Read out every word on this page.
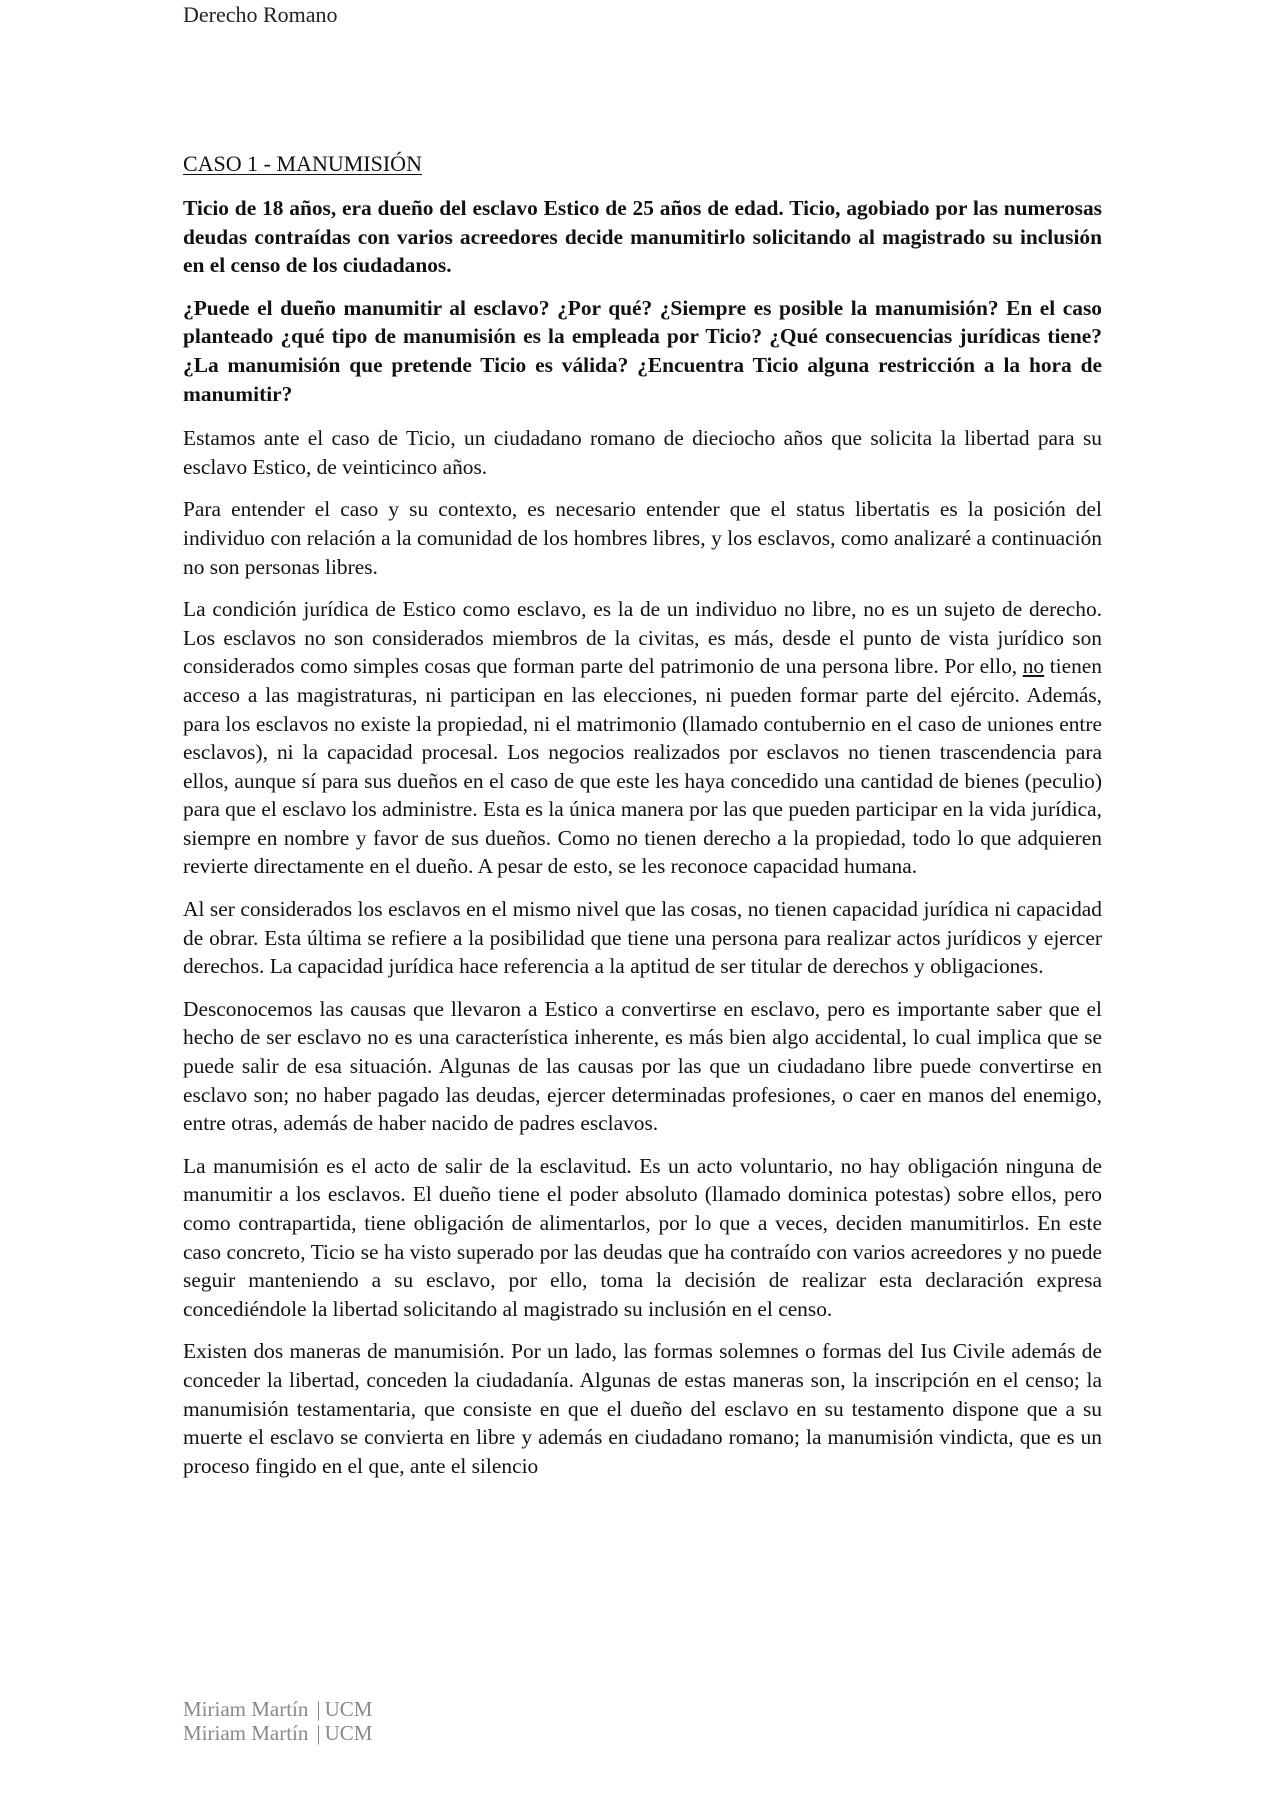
Derecho Romano
CASO 1 - MANUMISIÓN

Ticio de 18 años, era dueño del esclavo Estico de 25 años de edad. Ticio, agobiado por las numerosas deudas contraídas con varios acreedores decide manumitirlo solicitando al magistrado su inclusión en el censo de los ciudadanos.

¿Puede el dueño manumitir al esclavo? ¿Por qué? ¿Siempre es posible la manumisión? En el caso planteado ¿qué tipo de manumisión es la empleada por Ticio? ¿Qué consecuencias jurídicas tiene? ¿La manumisión que pretende Ticio es válida? ¿Encuentra Ticio alguna restricción a la hora de manumitir?

Estamos ante el caso de Ticio, un ciudadano romano de dieciocho años que solicita la libertad para su esclavo Estico, de veinticinco años.

Para entender el caso y su contexto, es necesario entender que el status libertatis es la posición del individuo con relación a la comunidad de los hombres libres, y los esclavos, como analizaré a continuación no son personas libres.

La condición jurídica de Estico como esclavo, es la de un individuo no libre, no es un sujeto de derecho. Los esclavos no son considerados miembros de la civitas, es más, desde el punto de vista jurídico son considerados como simples cosas que forman parte del patrimonio de una persona libre. Por ello, no tienen acceso a las magistraturas, ni participan en las elecciones, ni pueden formar parte del ejército. Además, para los esclavos no existe la propiedad, ni el matrimonio (llamado contubernio en el caso de uniones entre esclavos), ni la capacidad procesal. Los negocios realizados por esclavos no tienen trascendencia para ellos, aunque sí para sus dueños en el caso de que este les haya concedido una cantidad de bienes (peculio) para que el esclavo los administre. Esta es la única manera por las que pueden participar en la vida jurídica, siempre en nombre y favor de sus dueños. Como no tienen derecho a la propiedad, todo lo que adquieren revierte directamente en el dueño. A pesar de esto, se les reconoce capacidad humana.

Al ser considerados los esclavos en el mismo nivel que las cosas, no tienen capacidad jurídica ni capacidad de obrar. Esta última se refiere a la posibilidad que tiene una persona para realizar actos jurídicos y ejercer derechos. La capacidad jurídica hace referencia a la aptitud de ser titular de derechos y obligaciones.

Desconocemos las causas que llevaron a Estico a convertirse en esclavo, pero es importante saber que el hecho de ser esclavo no es una característica inherente, es más bien algo accidental, lo cual implica que se puede salir de esa situación. Algunas de las causas por las que un ciudadano libre puede convertirse en esclavo son; no haber pagado las deudas, ejercer determinadas profesiones, o caer en manos del enemigo, entre otras, además de haber nacido de padres esclavos.

La manumisión es el acto de salir de la esclavitud. Es un acto voluntario, no hay obligación ninguna de manumitir a los esclavos. El dueño tiene el poder absoluto (llamado dominica potestas) sobre ellos, pero como contrapartida, tiene obligación de alimentarlos, por lo que a veces, deciden manumitirlos. En este caso concreto, Ticio se ha visto superado por las deudas que ha contraído con varios acreedores y no puede seguir manteniendo a su esclavo, por ello, toma la decisión de realizar esta declaración expresa concediéndole la libertad solicitando al magistrado su inclusión en el censo.

Existen dos maneras de manumisión. Por un lado, las formas solemnes o formas del Ius Civile además de conceder la libertad, conceden la ciudadanía. Algunas de estas maneras son, la inscripción en el censo; la manumisión testamentaria, que consiste en que el dueño del esclavo en su testamento dispone que a su muerte el esclavo se convierta en libre y además en ciudadano romano; la manumisión vindicta, que es un proceso fingido en el que, ante el silencio

Miriam Martín | UCM
Miriam Martín | UCM
